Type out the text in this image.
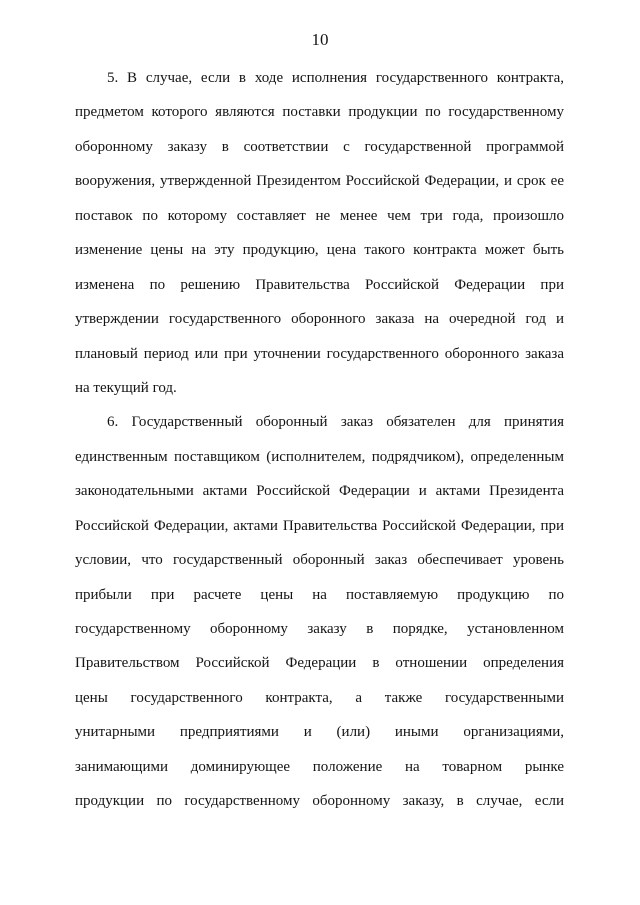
10
5. В случае, если в ходе исполнения государственного контракта,
предметом которого являются поставки продукции по государственному
оборонному заказу в соответствии с государственной программой
вооружения, утвержденной Президентом Российской Федерации, и срок ее
поставок по которому составляет не менее чем три года, произошло
изменение цены на эту продукцию, цена такого контракта может быть
изменена по решению Правительства Российской Федерации при
утверждении государственного оборонного заказа на очередной год и
плановый период или при уточнении государственного оборонного заказа
на текущий год.
6. Государственный оборонный заказ обязателен для принятия
единственным поставщиком (исполнителем, подрядчиком), определенным
законодательными актами Российской Федерации и актами Президента
Российской Федерации, актами Правительства Российской Федерации, при
условии, что государственный оборонный заказ обеспечивает уровень
прибыли при расчете цены на поставляемую продукцию по
государственному оборонному заказу в порядке, установленном
Правительством Российской Федерации в отношении определения
цены государственного контракта, а также государственными
унитарными предприятиями и (или) иными организациями,
занимающими доминирующее положение на товарном рынке
продукции по государственному оборонному заказу, в случае, если
